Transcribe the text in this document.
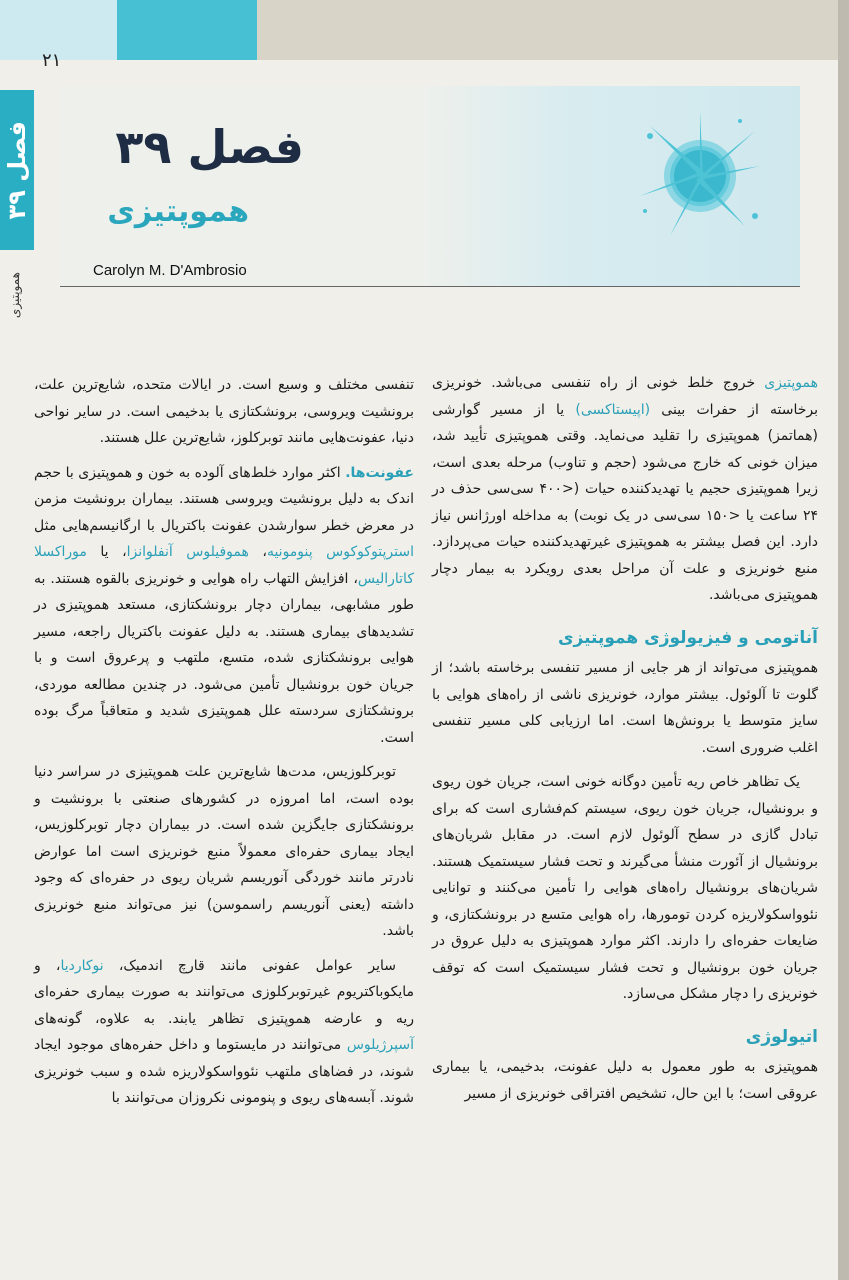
۲۱
فصل ۳۹
هموپتیزی
فصل ۳۹
هموپتیزی
Carolyn M. D'Ambrosio

هموپتیزی خروج خلط خونی از راه تنفسی می‌باشد. خونریزی برخاسته از حفرات بینی (اپیستاکسی) یا از مسیر گوارشی (هماتمز) هموپتیزی را تقلید می‌نماید. وقتی هموپتیزی تأیید شد، میزان خونی که خارج می‌شود (حجم و تناوب) مرحله بعدی است، زیرا هموپتیزی حجیم یا تهدیدکننده حیات (<۴۰۰ سی‌سی حذف در ۲۴ ساعت یا <۱۵۰ سی‌سی در یک نوبت) به مداخله اورژانس نیاز دارد. این فصل بیشتر به هموپتیزی غیرتهدیدکننده حیات می‌پردازد. منبع خونریزی و علت آن مراحل بعدی رویکرد به بیمار دچار هموپتیزی می‌باشد.

آناتومی و فیزیولوژی هموپتیزی

هموپتیزی می‌تواند از هر جایی از مسیر تنفسی برخاسته باشد؛ از گلوت تا آلوئول. بیشتر موارد، خونریزی ناشی از راه‌های هوایی با سایز متوسط یا برونش‌ها است. اما ارزیابی کلی مسیر تنفسی اغلب ضروری است.

یک تظاهر خاص ریه تأمین دوگانه خونی است، جریان خون ریوی و برونشیال، جریان خون ریوی، سیستم کم‌فشاری است که برای تبادل گازی در سطح آلوئول لازم است. در مقابل شریان‌های برونشیال از آئورت منشأ می‌گیرند و تحت فشار سیستمیک هستند. شریان‌های برونشیال راه‌های هوایی را تأمین می‌کنند و توانایی نئوواسکولاریزه کردن تومورها، راه هوایی متسع در برونشکتازی، و ضایعات حفره‌ای را دارند. اکثر موارد هموپتیزی به دلیل عروق در جریان خون برونشیال و تحت فشار سیستمیک است که توقف خونریزی را دچار مشکل می‌سازد.

اتیولوژی

هموپتیزی به طور معمول به دلیل عفونت، بدخیمی، یا بیماری عروقی است؛ با این حال، تشخیص افتراقی خونریزی از مسیر

تنفسی مختلف و وسیع است. در ایالات متحده، شایع‌ترین علت، برونشیت ویروسی، برونشکتازی یا بدخیمی است. در سایر نواحی دنیا، عفونت‌هایی مانند توبرکلوز، شایع‌ترین علل هستند.

عفونت‌ها. اکثر موارد خلط‌های آلوده به خون و هموپتیزی با حجم اندک به دلیل برونشیت ویروسی هستند. بیماران برونشیت مزمن در معرض خطر سوارشدن عفونت باکتریال با ارگانیسم‌هایی مثل استرپتوکوکوس پنومونیه، هموفیلوس آنفلوانزا، یا موراکسلا کاتارالیس، افزایش التهاب راه هوایی و خونریزی بالقوه هستند. به طور مشابهی، بیماران دچار برونشکتازی، مستعد هموپتیزی در تشدیدهای بیماری هستند. به دلیل عفونت باکتریال راجعه، مسیر هوایی برونشکتازی شده، متسع، ملتهب و پرعروق است و با جریان خون برونشیال تأمین می‌شود. در چندین مطالعه موردی، برونشکتازی سردسته علل هموپتیزی شدید و متعاقباً مرگ بوده است.

توبرکلوزیس، مدت‌ها شایع‌ترین علت هموپتیزی در سراسر دنیا بوده است، اما امروزه در کشورهای صنعتی با برونشیت و برونشکتازی جایگزین شده است. در بیماران دچار توبرکلوزیس، ایجاد بیماری حفره‌ای معمولاً منبع خونریزی است اما عوارض نادرتر مانند خوردگی آنوریسم شریان ریوی در حفره‌ای که وجود داشته (یعنی آنوریسم راسموسن) نیز می‌تواند منبع خونریزی باشد.

سایر عوامل عفونی مانند قارچ اندمیک، نوکاردیا، و مایکوباکتریوم غیرتوبرکلوزی می‌توانند به صورت بیماری حفره‌ای ریه و عارضه هموپتیزی تظاهر یابند. به علاوه، گونه‌های آسپرژیلوس می‌توانند در مایستوما و داخل حفره‌های موجود ایجاد شوند، در فضاهای ملتهب نئوواسکولاریزه شده و سبب خونریزی شوند. آبسه‌های ریوی و پنومونی نکروزان می‌توانند با
